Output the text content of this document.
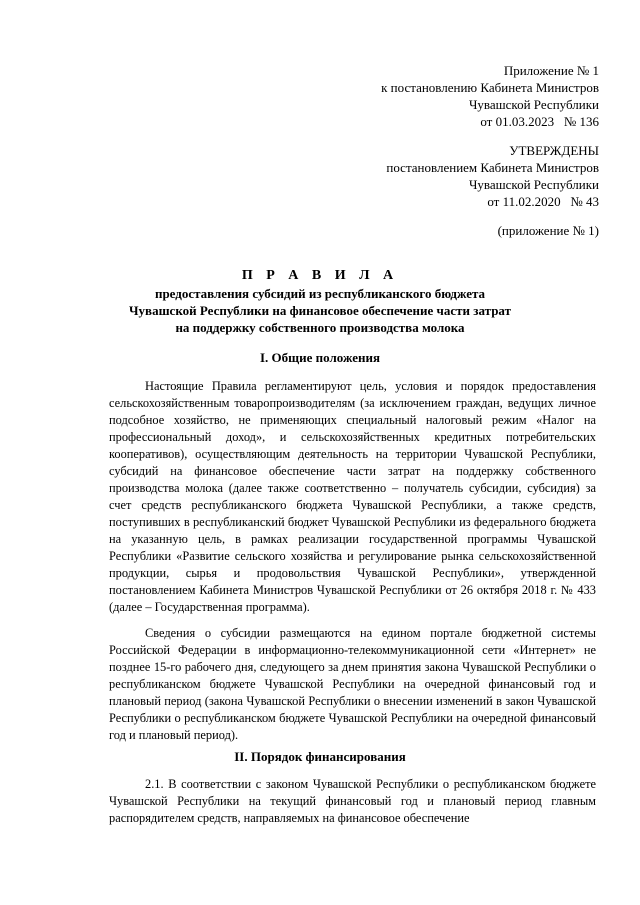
Приложение № 1
к постановлению Кабинета Министров
Чувашской Республики
от 01.03.2023   № 136
УТВЕРЖДЕНЫ
постановлением Кабинета Министров
Чувашской Республики
от 11.02.2020   № 43
(приложение № 1)
П Р А В И Л А
предоставления субсидий из республиканского бюджета
Чувашской Республики на финансовое обеспечение части затрат
на поддержку собственного производства молока
I. Общие положения
Настоящие Правила регламентируют цель, условия и порядок предоставления сельскохозяйственным товаропроизводителям (за исключением граждан, ведущих личное подсобное хозяйство, не применяющих специальный налоговый режим «Налог на профессиональный доход», и сельскохозяйственных кредитных потребительских кооперативов), осуществляющим деятельность на территории Чувашской Республики, субсидий на финансовое обеспечение части затрат на поддержку собственного производства молока (далее также соответственно – получатель субсидии, субсидия) за счет средств республиканского бюджета Чувашской Республики, а также средств, поступивших в республиканский бюджет Чувашской Республики из федерального бюджета на указанную цель, в рамках реализации государственной программы Чувашской Республики «Развитие сельского хозяйства и регулирование рынка сельскохозяйственной продукции, сырья и продовольствия Чувашской Республики», утвержденной постановлением Кабинета Министров Чувашской Республики от 26 октября 2018 г. № 433 (далее – Государственная программа).
Сведения о субсидии размещаются на едином портале бюджетной системы Российской Федерации в информационно-телекоммуникационной сети «Интернет» не позднее 15-го рабочего дня, следующего за днем принятия закона Чувашской Республики о республиканском бюджете Чувашской Республики на очередной финансовый год и плановый период (закона Чувашской Республики о внесении изменений в закон Чувашской Республики о республиканском бюджете Чувашской Республики на очередной финансовый год и плановый период).
II. Порядок финансирования
2.1. В соответствии с законом Чувашской Республики о республиканском бюджете Чувашской Республики на текущий финансовый год и плановый период главным распорядителем средств, направляемых на финансовое обеспечение
